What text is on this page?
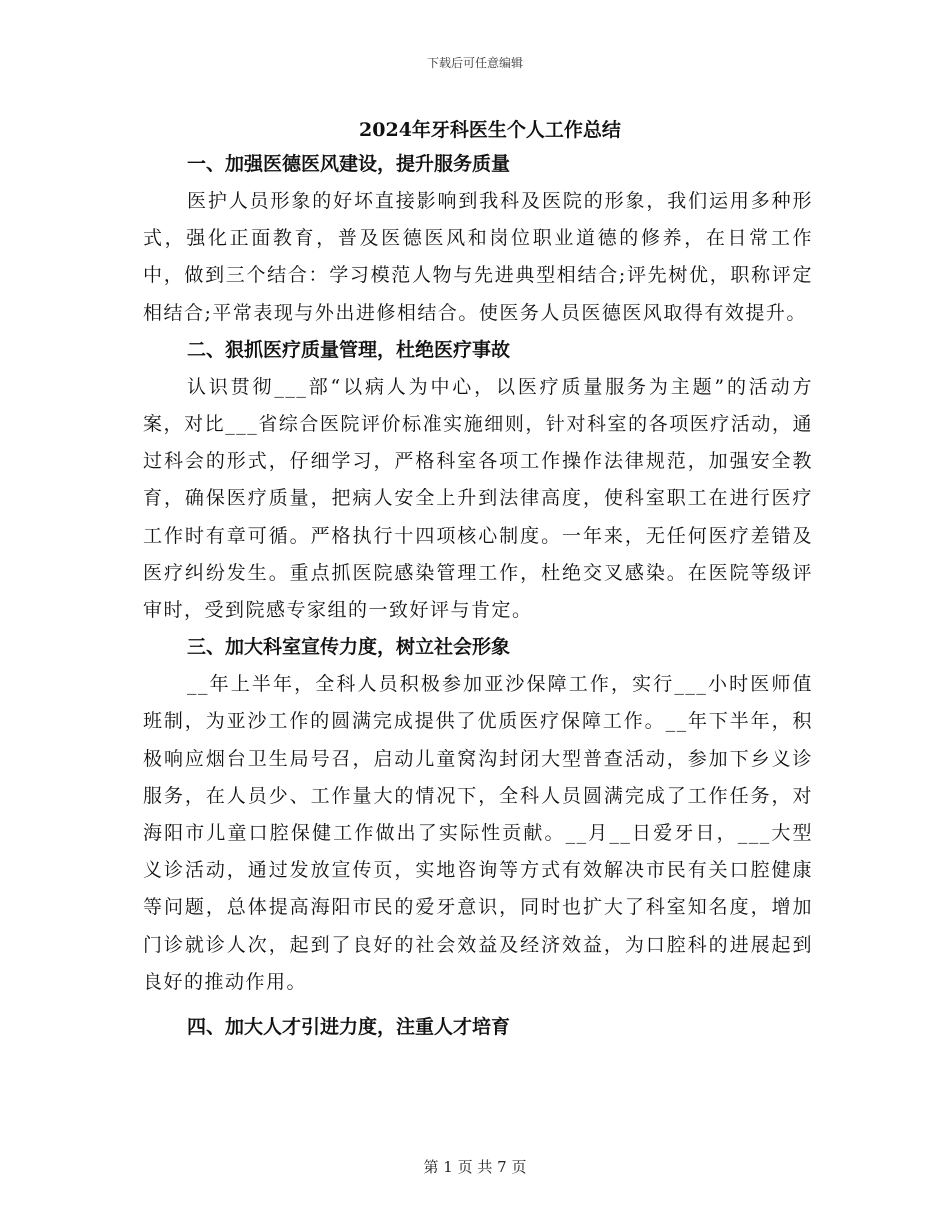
下载后可任意编辑
2024年牙科医生个人工作总结
一、加强医德医风建设，提升服务质量

医护人员形象的好坏直接影响到我科及医院的形象，我们运用多种形式，强化正面教育，普及医德医风和岗位职业道德的修养，在日常工作中，做到三个结合：学习模范人物与先进典型相结合;评先树优，职称评定相结合;平常表现与外出进修相结合。使医务人员医德医风取得有效提升。

二、狠抓医疗质量管理，杜绝医疗事故

认识贯彻___部“以病人为中心，以医疗质量服务为主题”的活动方案，对比___省综合医院评价标准实施细则，针对科室的各项医疗活动，通过科会的形式，仔细学习，严格科室各项工作操作法律规范，加强安全教育，确保医疗质量，把病人安全上升到法律高度，使科室职工在进行医疗工作时有章可循。严格执行十四项核心制度。一年来，无任何医疗差错及医疗纠纷发生。重点抓医院感染管理工作，杜绝交叉感染。在医院等级评审时，受到院感专家组的一致好评与肯定。

三、加大科室宣传力度，树立社会形象

__年上半年，全科人员积极参加亚沙保障工作，实行___小时医师值班制，为亚沙工作的圆满完成提供了优质医疗保障工作。__年下半年，积极响应烟台卫生局号召，启动儿童窝沟封闭大型普查活动，参加下乡义诊服务，在人员少、工作量大的情况下，全科人员圆满完成了工作任务，对海阳市儿童口腔保健工作做出了实际性贡献。__月__日爱牙日，___大型义诊活动，通过发放宣传页，实地咨询等方式有效解决市民有关口腔健康等问题，总体提高海阳市民的爱牙意识，同时也扩大了科室知名度，增加门诊就诊人次，起到了良好的社会效益及经济效益，为口腔科的进展起到良好的推动作用。

四、加大人才引进力度，注重人才培育
第 1 页 共 7 页
